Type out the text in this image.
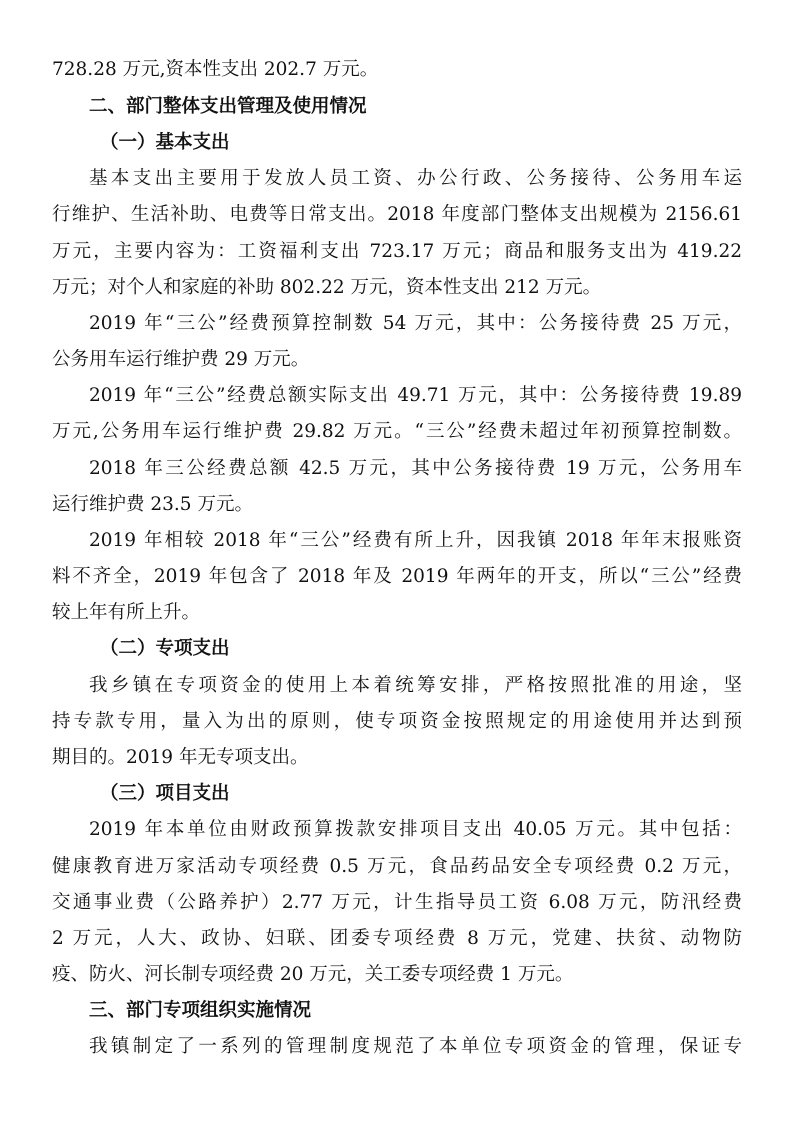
728.28 万元,资本性支出 202.7 万元。
二、部门整体支出管理及使用情况
（一）基本支出
基本支出主要用于发放人员工资、办公行政、公务接待、公务用车运
行维护、生活补助、电费等日常支出。2018 年度部门整体支出规模为 2156.61
万元，主要内容为：工资福利支出 723.17 万元；商品和服务支出为 419.22
万元；对个人和家庭的补助 802.22 万元，资本性支出 212 万元。
2019 年“三公”经费预算控制数 54 万元，其中：公务接待费 25 万元，
公务用车运行维护费 29 万元。
2019 年“三公”经费总额实际支出 49.71 万元，其中：公务接待费 19.89
万元,公务用车运行维护费 29.82 万元。“三公”经费未超过年初预算控制数。
2018 年三公经费总额 42.5 万元，其中公务接待费 19 万元，公务用车
运行维护费 23.5 万元。
2019 年相较 2018 年“三公”经费有所上升，因我镇 2018 年年末报账资
料不齐全，2019 年包含了 2018 年及 2019 年两年的开支，所以“三公”经费
较上年有所上升。
（二）专项支出
我乡镇在专项资金的使用上本着统筹安排，严格按照批准的用途，坚
持专款专用，量入为出的原则，使专项资金按照规定的用途使用并达到预
期目的。2019 年无专项支出。
（三）项目支出
2019 年本单位由财政预算拨款安排项目支出 40.05 万元。其中包括：
健康教育进万家活动专项经费 0.5 万元，食品药品安全专项经费 0.2 万元，
交通事业费（公路养护）2.77 万元，计生指导员工资 6.08 万元，防汛经费
2 万元，人大、政协、妇联、团委专项经费 8 万元，党建、扶贫、动物防
疫、防火、河长制专项经费 20 万元，关工委专项经费 1 万元。
三、部门专项组织实施情况
我镇制定了一系列的管理制度规范了本单位专项资金的管理，保证专
